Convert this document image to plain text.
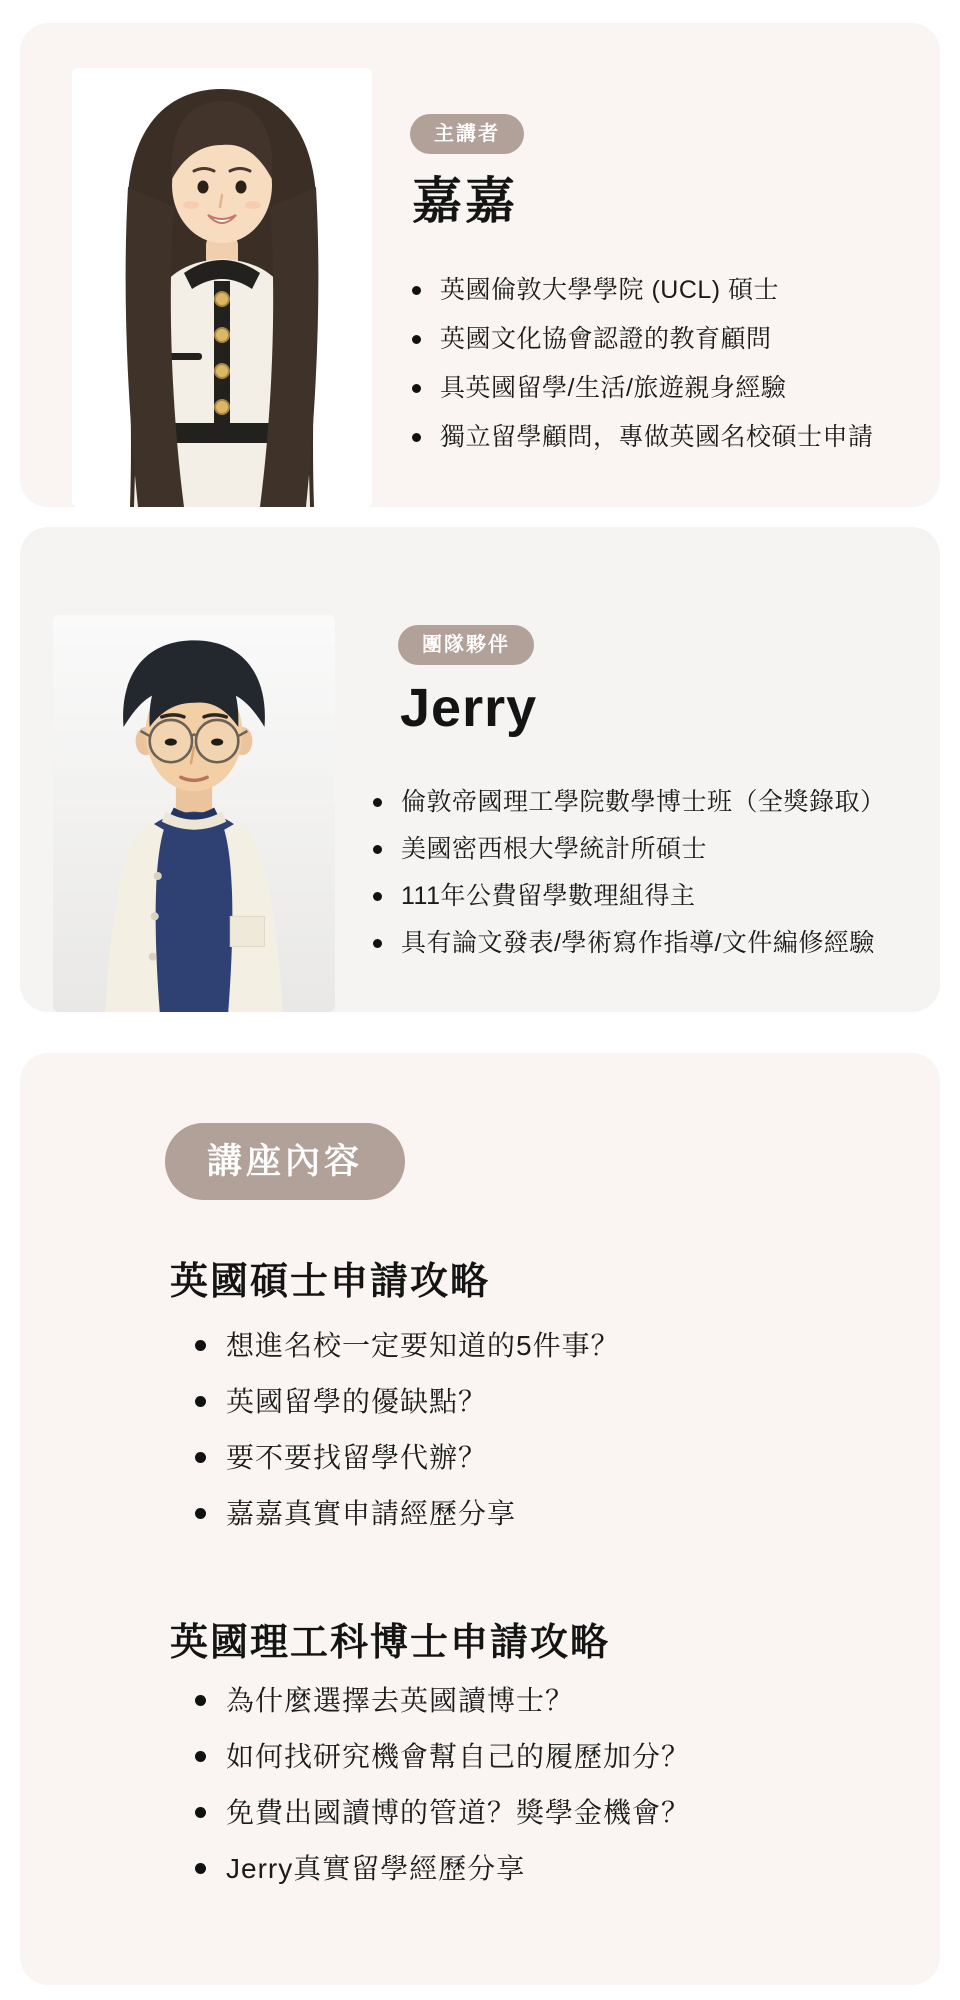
主講者
嘉嘉
英國倫敦大學學院 (UCL) 碩士
英國文化協會認證的教育顧問
具英國留學/生活/旅遊親身經驗
獨立留學顧問，專做英國名校碩士申請
團隊夥伴
Jerry
倫敦帝國理工學院數學博士班（全獎錄取）
美國密西根大學統計所碩士
111年公費留學數理組得主
具有論文發表/學術寫作指導/文件編修經驗
講座內容
英國碩士申請攻略
想進名校一定要知道的5件事？
英國留學的優缺點？
要不要找留學代辦？
嘉嘉真實申請經歷分享
英國理工科博士申請攻略
為什麼選擇去英國讀博士？
如何找研究機會幫自己的履歷加分？
免費出國讀博的管道？獎學金機會？
Jerry真實留學經歷分享
